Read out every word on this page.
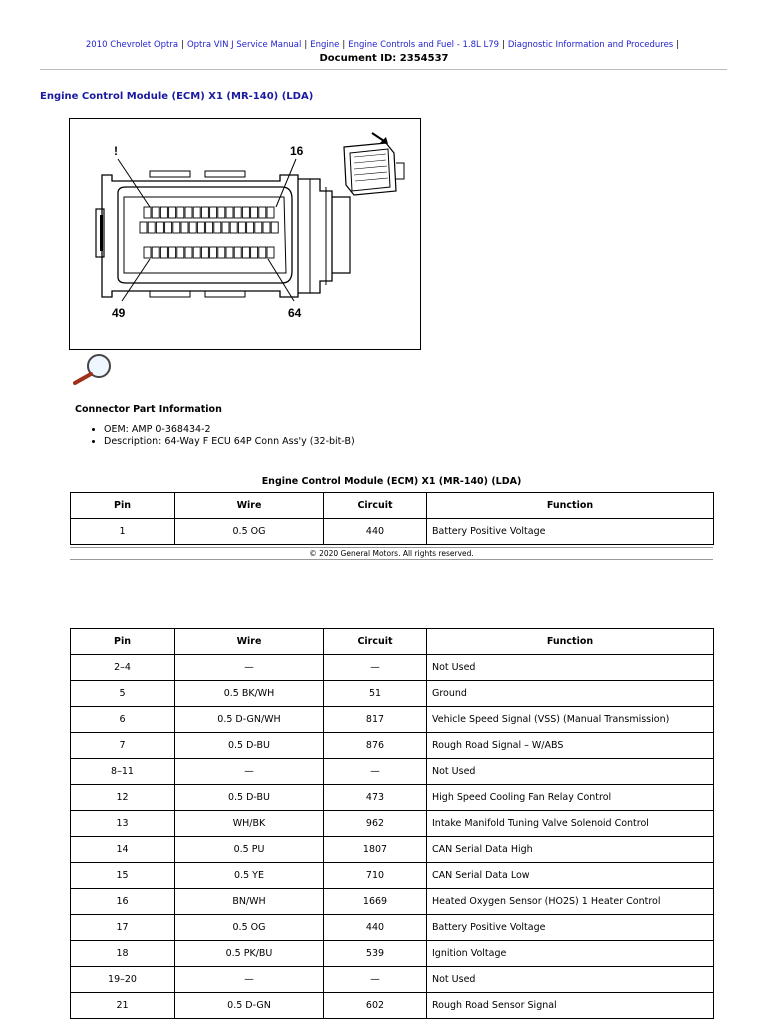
2010 Chevrolet Optra | Optra VIN J Service Manual | Engine | Engine Controls and Fuel - 1.8L L79 | Diagnostic Information and Procedures |
Document ID: 2354537
Engine Control Module (ECM) X1 (MR-140) (LDA)
!	16
49	64
Connector Part Information
• OEM: AMP 0-368434-2
• Description: 64-Way F ECU 64P Conn Ass'y (32-bit-B)
Engine Control Module (ECM) X1 (MR-140) (LDA)
Pin	Wire	Circuit	Function
1	0.5 OG	440	Battery Positive Voltage
© 2020 General Motors. All rights reserved.
Pin	Wire	Circuit	Function
2–4	—	—	Not Used
5	0.5 BK/WH	51	Ground
6	0.5 D-GN/WH	817	Vehicle Speed Signal (VSS) (Manual Transmission)
7	0.5 D-BU	876	Rough Road Signal – W/ABS
8–11	—	—	Not Used
12	0.5 D-BU	473	High Speed Cooling Fan Relay Control
13	WH/BK	962	Intake Manifold Tuning Valve Solenoid Control
14	0.5 PU	1807	CAN Serial Data High
15	0.5 YE	710	CAN Serial Data Low
16	BN/WH	1669	Heated Oxygen Sensor (HO2S) 1 Heater Control
17	0.5 OG	440	Battery Positive Voltage
18	0.5 PK/BU	539	Ignition Voltage
19–20	—	—	Not Used
21	0.5 D-GN	602	Rough Road Sensor Signal
